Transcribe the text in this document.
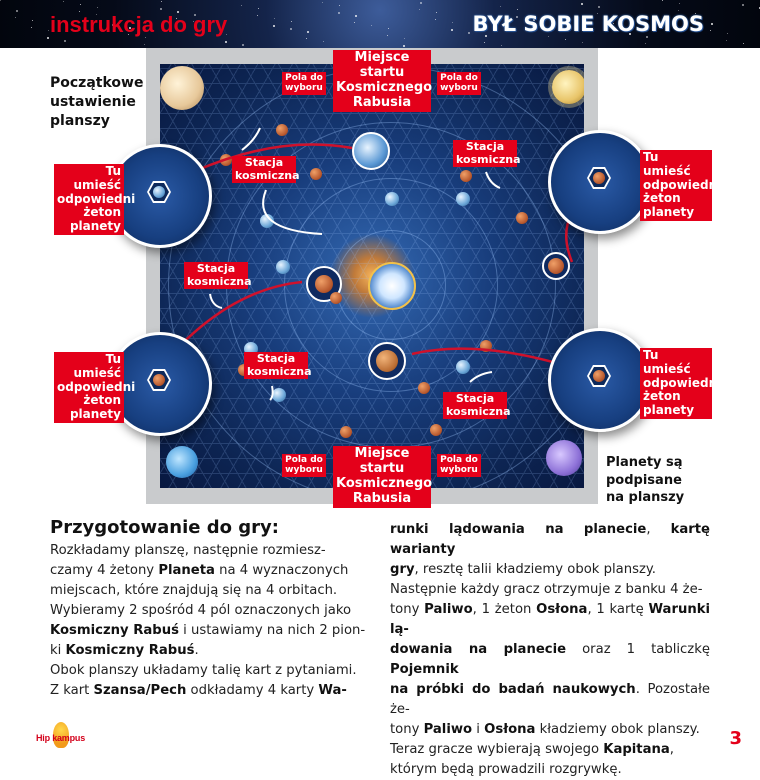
instrukcja do gry	BYŁ SOBIE KOSMOS
Początkowe
ustawienie
planszy
Planety są
podpisane
na planszy
Miejsce startu
Kosmicznego
Rabusia
Miejsce startu
Kosmicznego
Rabusia
Pola do
wyboru
Pola do
wyboru
Pola do
wyboru
Pola do
wyboru
Stacja
kosmiczna
Stacja
kosmiczna
Stacja
kosmiczna
Stacja
kosmiczna
Stacja
kosmiczna
Tu umieść
odpowiedni
żeton
planety
Tu umieść
odpowiedni
żeton
planety
Tu umieść
odpowiedni
żeton
planety
Tu umieść
odpowiedni
żeton
planety
Przygotowanie do gry:

Rozkładamy planszę, następnie rozmiesz-

czamy 4 żetony Planeta na 4 wyznaczonych

miejscach, które znajdują się na 4 orbitach.

Wybieramy 2 spośród 4 pól oznaczonych jako

Kosmiczny Rabuś i ustawiamy na nich 2 pion-

ki Kosmiczny Rabuś.

Obok planszy układamy talię kart z pytaniami.

Z kart Szansa/Pech odkładamy 4 karty Wa-

runki lądowania na planecie, kartę warianty

gry, resztę talii kładziemy obok planszy.

Następnie każdy gracz otrzymuje z banku 4 że-

tony Paliwo, 1 żeton Osłona, 1 kartę Warunki lą-

dowania na planecie oraz 1 tabliczkę Pojemnik

na próbki do badań naukowych. Pozostałe że-

tony Paliwo i Osłona kładziemy obok planszy.

Teraz gracze wybierają swojego Kapitana,

którym będą prowadzili rozgrywkę.

Hip kampus	3
